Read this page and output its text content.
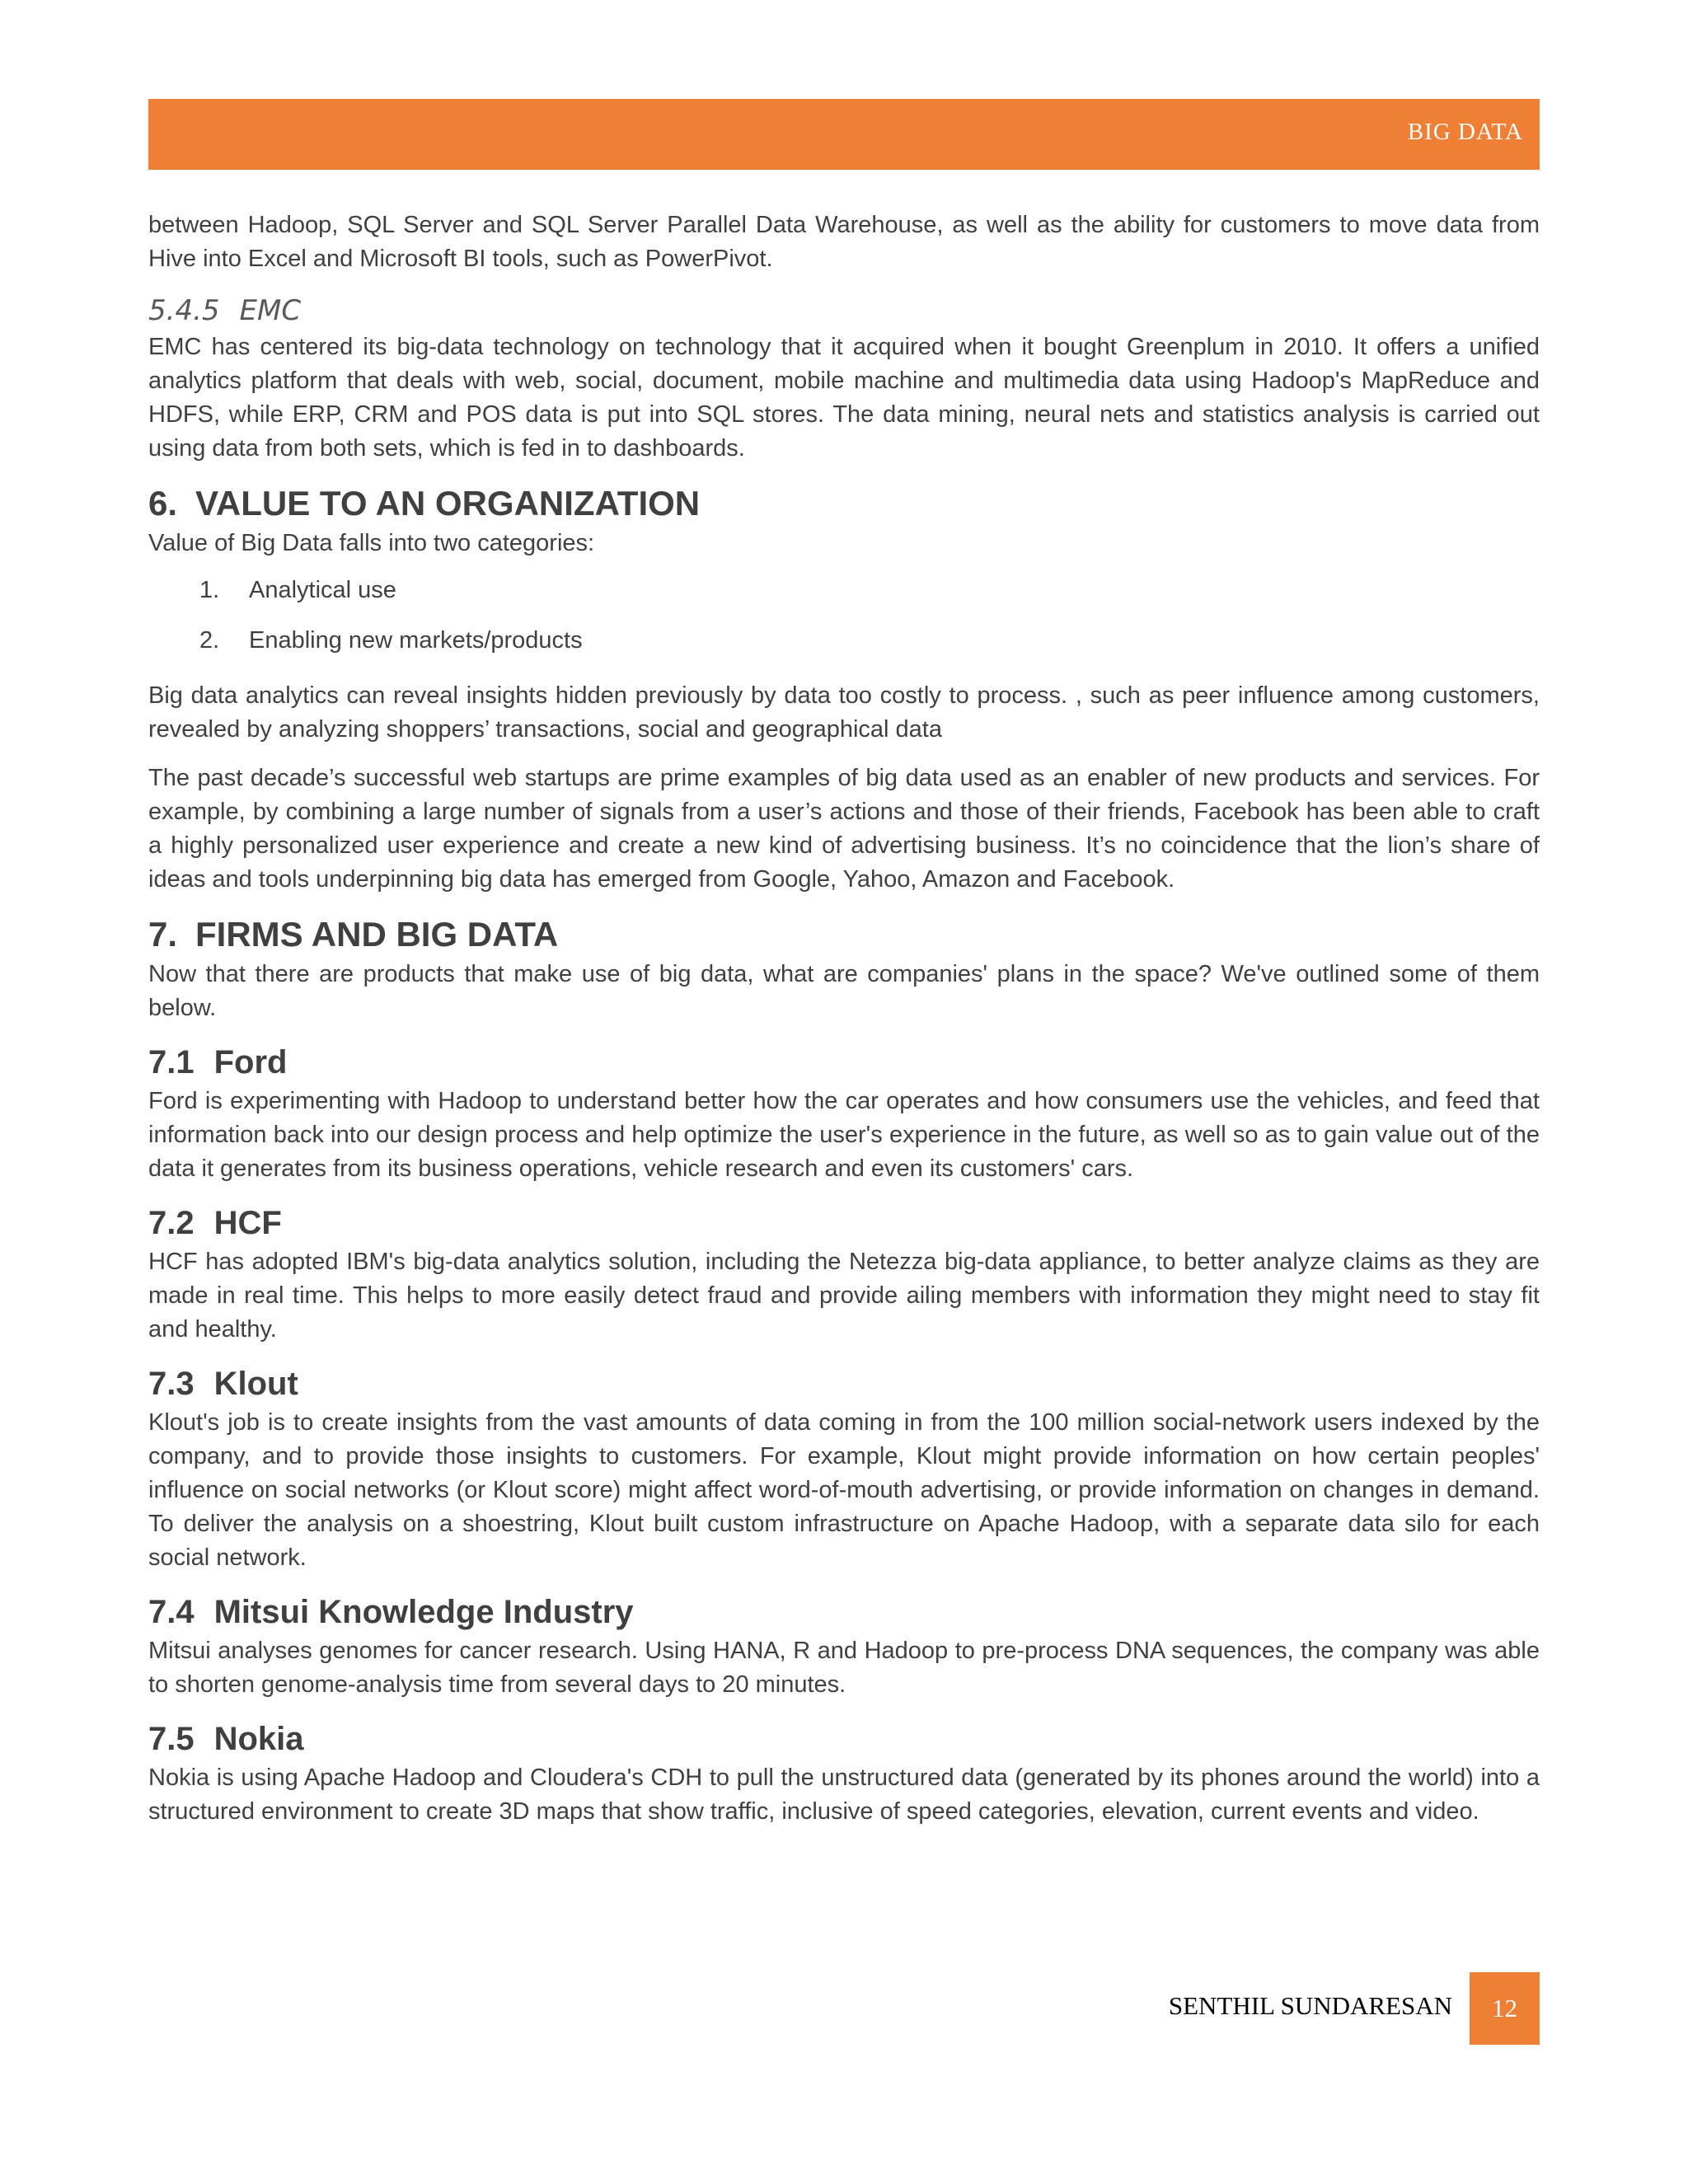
BIG DATA

between Hadoop, SQL Server and SQL Server Parallel Data Warehouse, as well as the ability for customers to move data from Hive into Excel and Microsoft BI tools, such as PowerPivot.

5.4.5 EMC

EMC has centered its big-data technology on technology that it acquired when it bought Greenplum in 2010. It offers a unified analytics platform that deals with web, social, document, mobile machine and multimedia data using Hadoop's MapReduce and HDFS, while ERP, CRM and POS data is put into SQL stores. The data mining, neural nets and statistics analysis is carried out using data from both sets, which is fed in to dashboards.

6. VALUE TO AN ORGANIZATION

Value of Big Data falls into two categories:

1. Analytical use
2. Enabling new markets/products

Big data analytics can reveal insights hidden previously by data too costly to process. , such as peer influence among customers, revealed by analyzing shoppers’ transactions, social and geographical data

The past decade’s successful web startups are prime examples of big data used as an enabler of new products and services. For example, by combining a large number of signals from a user’s actions and those of their friends, Facebook has been able to craft a highly personalized user experience and create a new kind of advertising business. It’s no coincidence that the lion’s share of ideas and tools underpinning big data has emerged from Google, Yahoo, Amazon and Facebook.

7. FIRMS AND BIG DATA

Now that there are products that make use of big data, what are companies' plans in the space? We've outlined some of them below.

7.1 Ford

Ford is experimenting with Hadoop to understand better how the car operates and how consumers use the vehicles, and feed that information back into our design process and help optimize the user's experience in the future, as well so as to gain value out of the data it generates from its business operations, vehicle research and even its customers' cars.

7.2 HCF

HCF has adopted IBM's big-data analytics solution, including the Netezza big-data appliance, to better analyze claims as they are made in real time. This helps to more easily detect fraud and provide ailing members with information they might need to stay fit and healthy.

7.3 Klout

Klout's job is to create insights from the vast amounts of data coming in from the 100 million social-network users indexed by the company, and to provide those insights to customers. For example, Klout might provide information on how certain peoples' influence on social networks (or Klout score) might affect word-of-mouth advertising, or provide information on changes in demand. To deliver the analysis on a shoestring, Klout built custom infrastructure on Apache Hadoop, with a separate data silo for each social network.

7.4 Mitsui Knowledge Industry

Mitsui analyses genomes for cancer research. Using HANA, R and Hadoop to pre-process DNA sequences, the company was able to shorten genome-analysis time from several days to 20 minutes.

7.5 Nokia

Nokia is using Apache Hadoop and Cloudera's CDH to pull the unstructured data (generated by its phones around the world) into a structured environment to create 3D maps that show traffic, inclusive of speed categories, elevation, current events and video.

SENTHIL SUNDARESAN	12
